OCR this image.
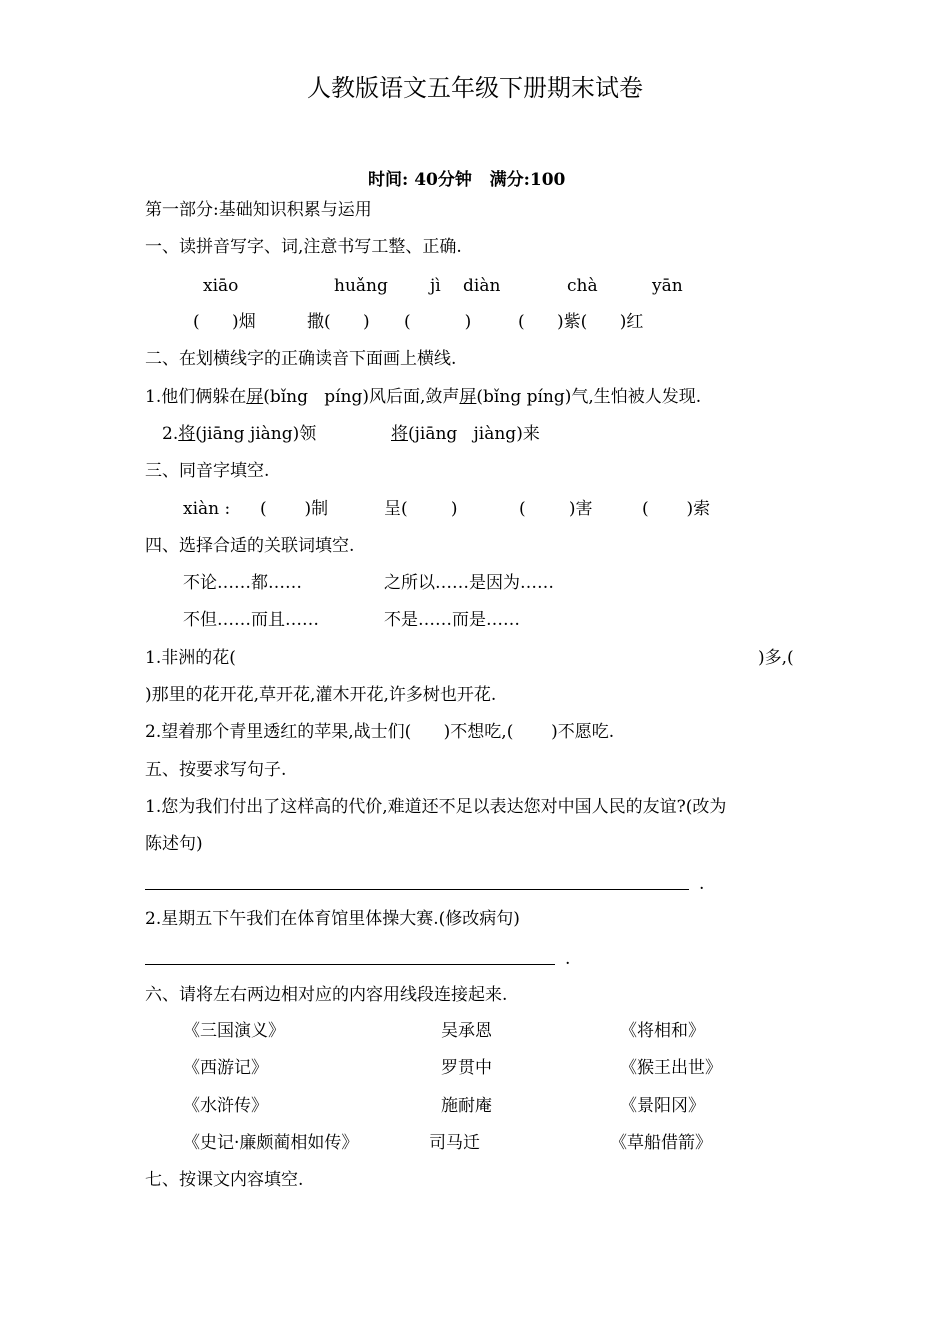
人教版语文五年级下册期末试卷
时间: 40分钟   满分:100
第一部分:基础知识积累与运用
一、读拼音写字、词,注意书写工整、正确.
xiāo	huǎng jì diàn	chà	yān
(      )烟	撒(      ) (          )	(      )紫(      )红
二、在划横线字的正确读音下面画上横线.
1.他们俩躲在屏(bǐng   píng)风后面,敛声屏(bǐng píng)气,生怕被人发现.
2.将(jiāng jiàng)领	将(jiāng   jiàng)来
三、同音字填空.
xiàn : (       )制	呈(        )	(        )害	(       )索
四、选择合适的关联词填空.
不论……都……	之所以……是因为……
不但……而且……	不是……而是……
1.非洲的花(	)多,(
)那里的花开花,草开花,灌木开花,许多树也开花.
2.望着那个青里透红的苹果,战士们(      )不想吃,(       )不愿吃.
五、按要求写句子.
1.您为我们付出了这样高的代价,难道还不足以表达您对中国人民的友谊?(改为
陈述句)
.
2.星期五下午我们在体育馆里体操大赛.(修改病句)
.
六、请将左右两边相对应的内容用线段连接起来.
《三国演义》	吴承恩	《将相和》
《西游记》	罗贯中	《猴王出世》
《水浒传》	施耐庵	《景阳冈》
《史记·廉颇蔺相如传》	司马迁	《草船借箭》
七、按课文内容填空.
